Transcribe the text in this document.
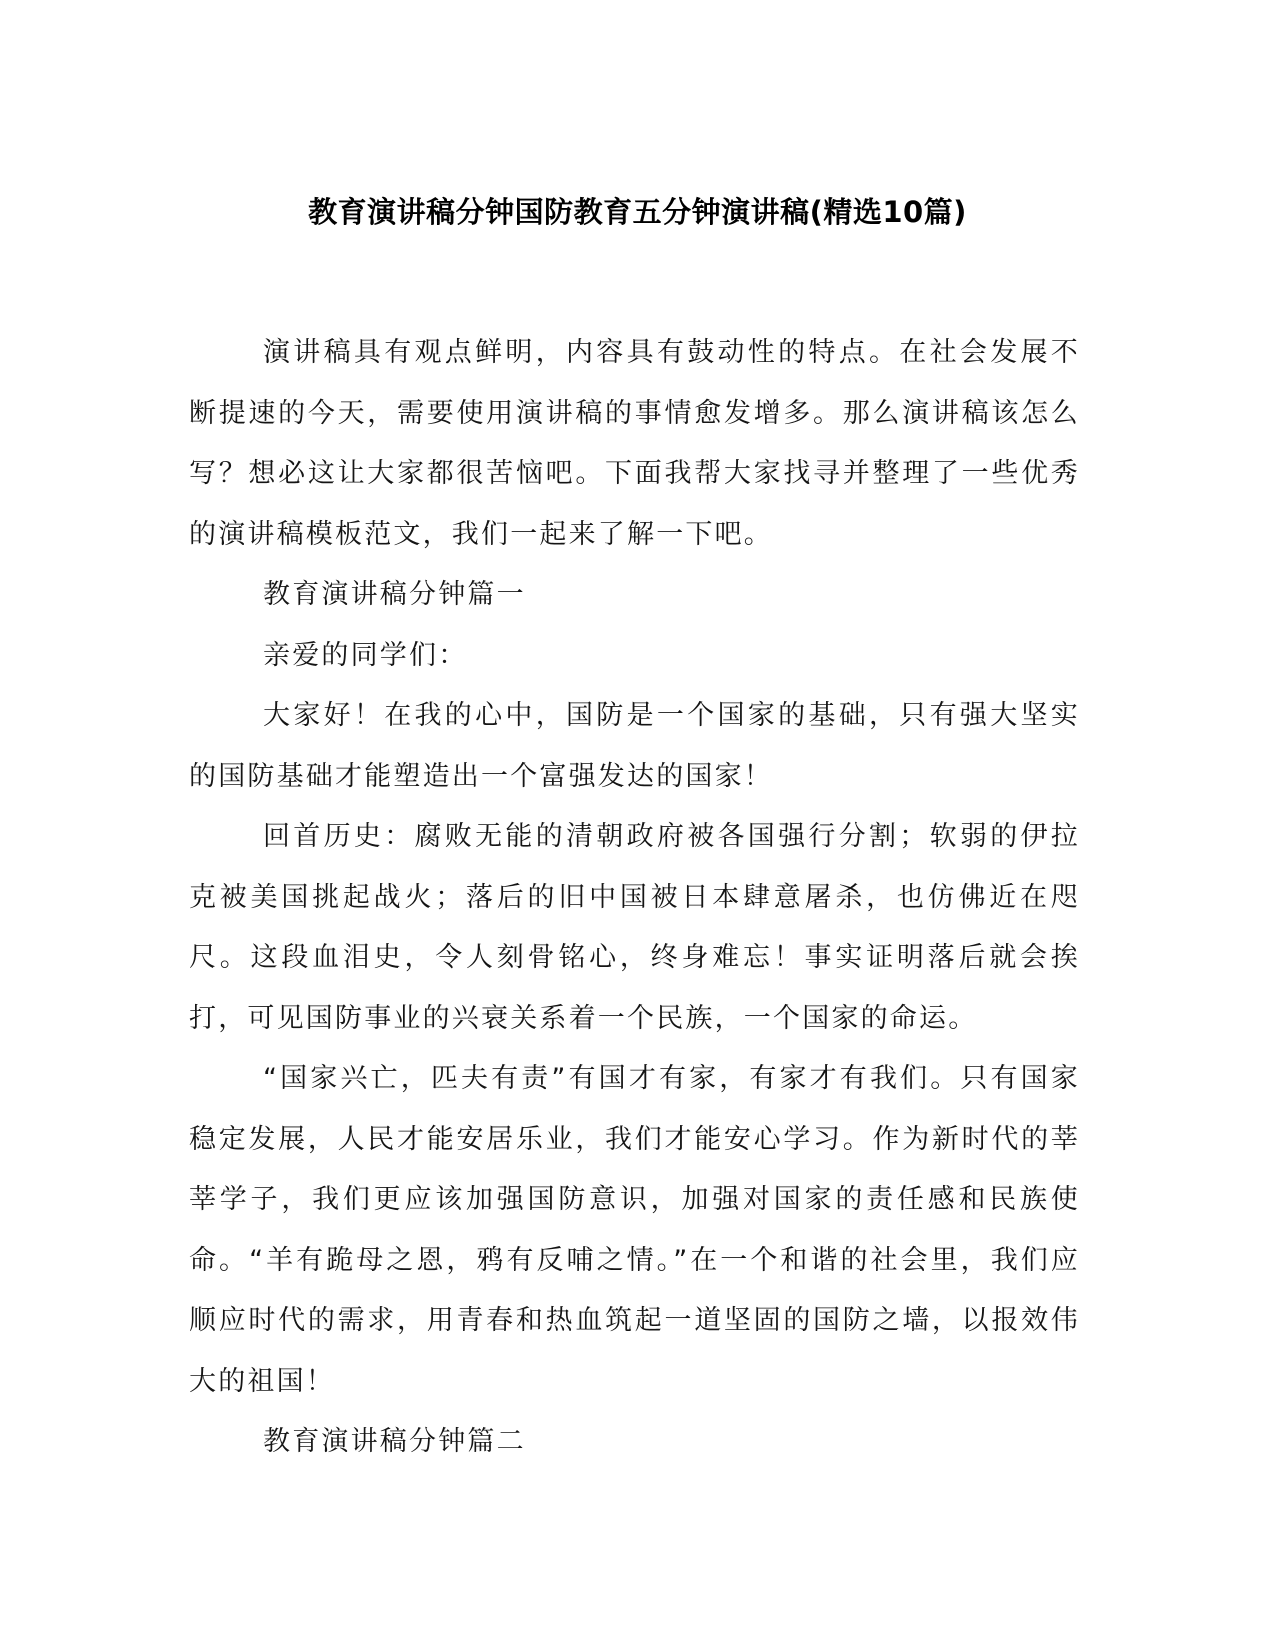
教育演讲稿分钟国防教育五分钟演讲稿(精选10篇)

演讲稿具有观点鲜明，内容具有鼓动性的特点。在社会发展不断提速的今天，需要使用演讲稿的事情愈发增多。那么演讲稿该怎么写？想必这让大家都很苦恼吧。下面我帮大家找寻并整理了一些优秀的演讲稿模板范文，我们一起来了解一下吧。

教育演讲稿分钟篇一

亲爱的同学们：

大家好！在我的心中，国防是一个国家的基础，只有强大坚实的国防基础才能塑造出一个富强发达的国家！

回首历史：腐败无能的清朝政府被各国强行分割；软弱的伊拉克被美国挑起战火；落后的旧中国被日本肆意屠杀，也仿佛近在咫尺。这段血泪史，令人刻骨铭心，终身难忘！事实证明落后就会挨打，可见国防事业的兴衰关系着一个民族，一个国家的命运。

“国家兴亡，匹夫有责”有国才有家，有家才有我们。只有国家稳定发展，人民才能安居乐业，我们才能安心学习。作为新时代的莘莘学子，我们更应该加强国防意识，加强对国家的责任感和民族使命。“羊有跪母之恩，鸦有反哺之情。”在一个和谐的社会里，我们应顺应时代的需求，用青春和热血筑起一道坚固的国防之墙，以报效伟大的祖国！

教育演讲稿分钟篇二
